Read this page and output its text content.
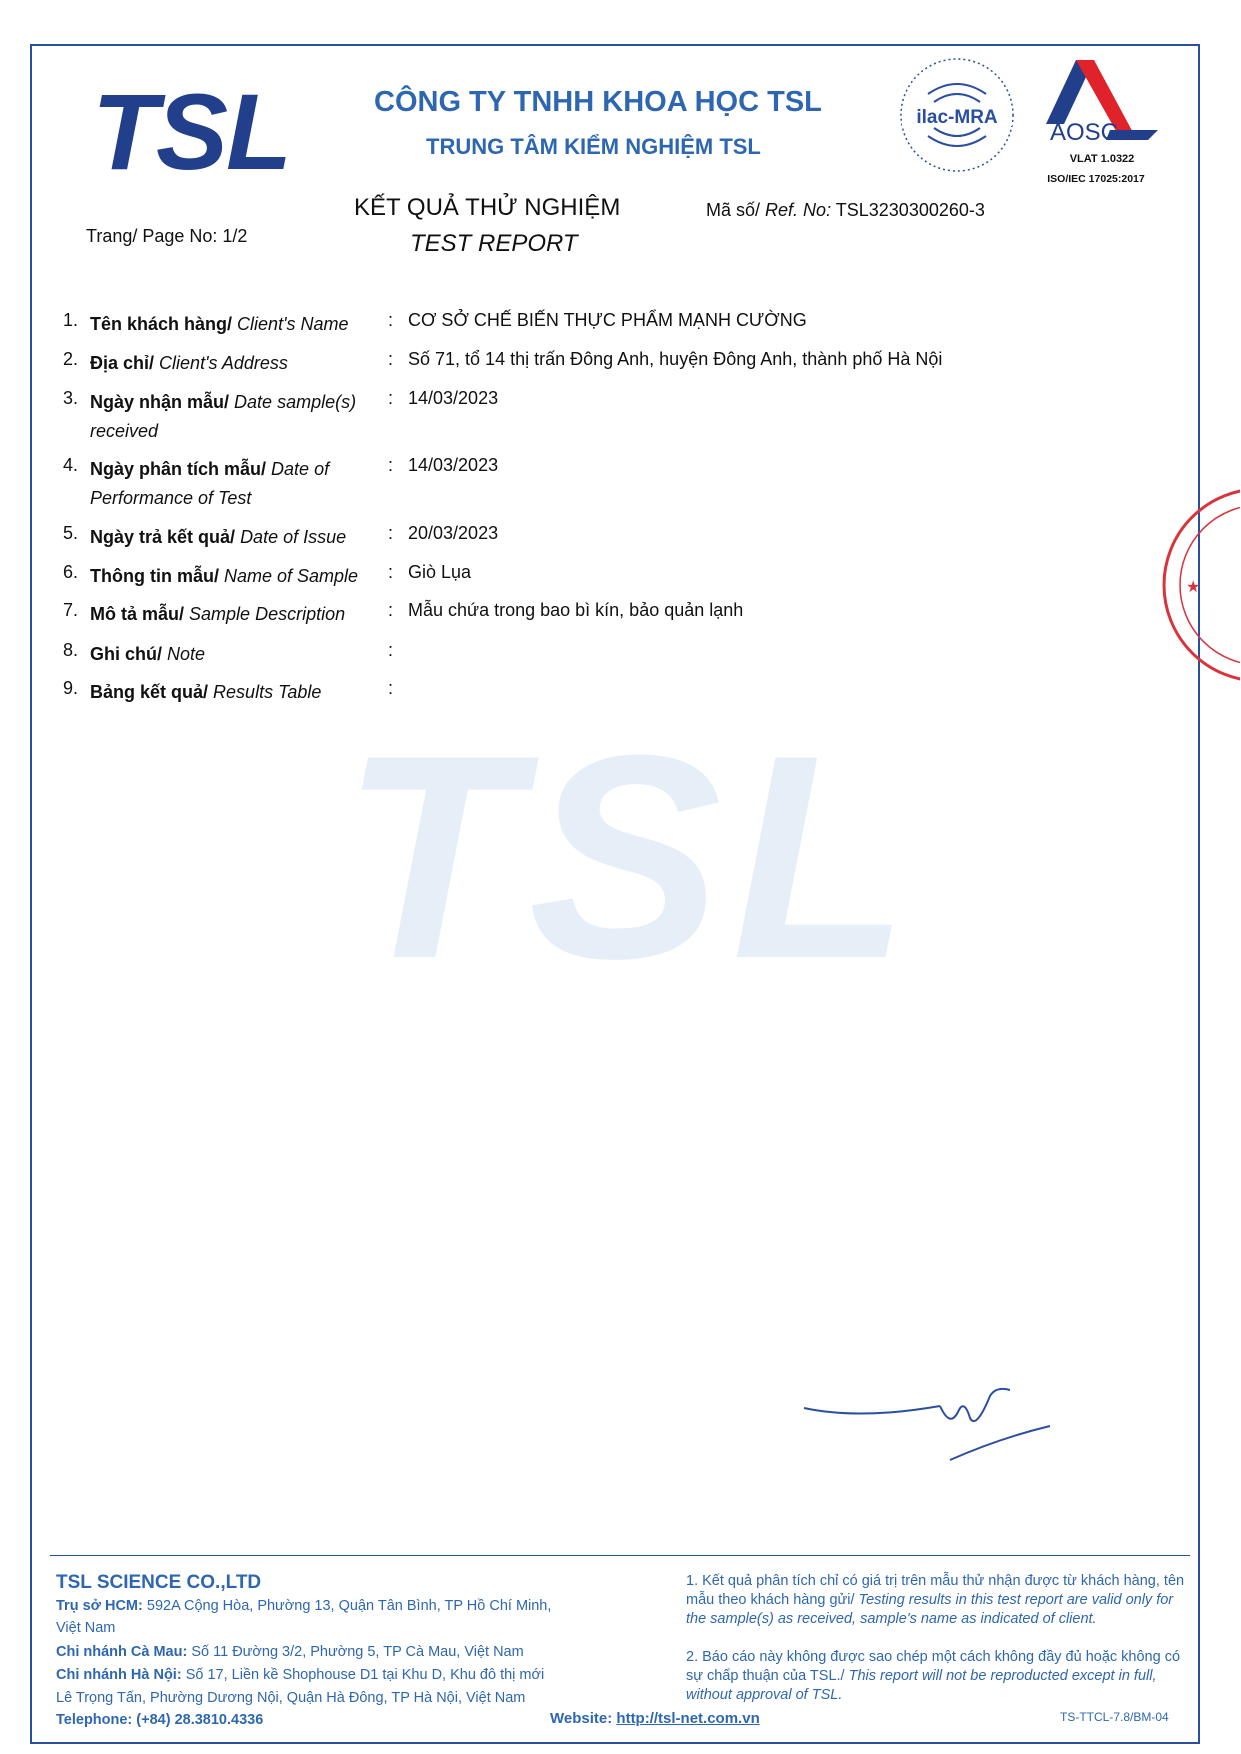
TSL
TSL	CÔNG TY TNHH KHOA HỌC TSL
TRUNG TÂM KIỂM NGHIỆM TSL
ilac-MRA
AOSC
VLAT 1.0322
ISO/IEC 17025:2017
Trang/ Page No: 1/2
KẾT QUẢ THỬ NGHIỆM
TEST REPORT
Mã số/ Ref. No: TSL3230300260-3
1. Tên khách hàng/ Client's Name	: CƠ SỞ CHẾ BIẾN THỰC PHẨM MẠNH CƯỜNG
2. Địa chỉ/ Client's Address	: Số 71, tổ 14 thị trấn Đông Anh, huyện Đông Anh, thành phố Hà Nội
3. Ngày nhận mẫu/ Date sample(s) received
: 14/03/2023
4. Ngày phân tích mẫu/ Date of Performance of Test
: 14/03/2023
5. Ngày trả kết quả/ Date of Issue	: 20/03/2023
6. Thông tin mẫu/ Name of Sample	: Giò Lụa
7. Mô tả mẫu/ Sample Description	: Mẫu chứa trong bao bì kín, bảo quản lạnh
8. Ghi chú/ Note	:
9. Bảng kết quả/ Results Table	:
★
TSL SCIENCE CO.,LTD
Trụ sở HCM: 592A Cộng Hòa, Phường 13, Quận Tân Bình, TP Hồ Chí Minh,
Việt Nam
Chi nhánh Cà Mau: Số 11 Đường 3/2, Phường 5, TP Cà Mau, Việt Nam
Chi nhánh Hà Nội: Số 17, Liền kề Shophouse D1 tại Khu D, Khu đô thị mới
Lê Trọng Tấn, Phường Dương Nội, Quận Hà Đông, TP Hà Nội, Việt Nam
Telephone: (+84) 28.3810.4336
1. Kết quả phân tích chỉ có giá trị trên mẫu thử nhận được từ khách hàng, tên mẫu theo khách hàng gửi/ Testing results in this test report are valid only for the sample(s) as received, sample's name as indicated of client.
2. Báo cáo này không được sao chép một cách không đầy đủ hoặc không có sự chấp thuận của TSL./ This report will not be reproducted except in full, without approval of TSL.
Website: http://tsl-net.com.vn	TS-TTCL-7.8/BM-04
